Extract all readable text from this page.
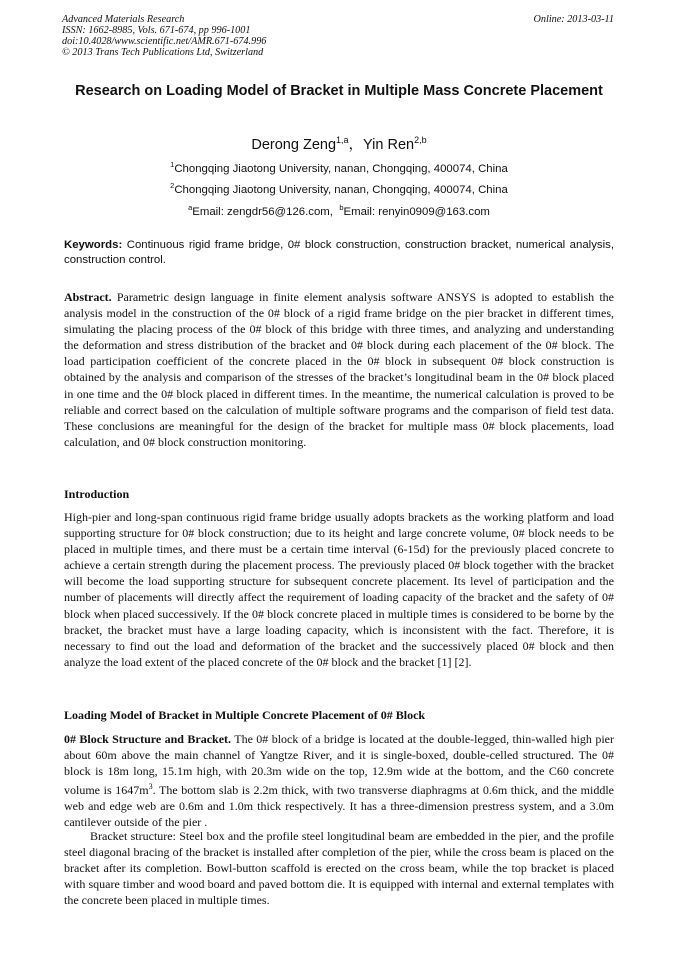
Advanced Materials Research
ISSN: 1662-8985, Vols. 671-674, pp 996-1001
doi:10.4028/www.scientific.net/AMR.671-674.996
© 2013 Trans Tech Publications Ltd, Switzerland
Online: 2013-03-11
Research on Loading Model of Bracket in Multiple Mass Concrete Placement
Derong Zeng$^{1,a}$，Yin Ren$^{2,b}$
$^1$Chongqing Jiaotong University, nanan, Chongqing, 400074, China
$^2$Chongqing Jiaotong University, nanan, Chongqing, 400074, China
$^a$Email: zengdr56@126.com, $^b$Email: renyin0909@163.com
Keywords: Continuous rigid frame bridge, 0# block construction, construction bracket, numerical analysis, construction control.
Abstract. Parametric design language in finite element analysis software ANSYS is adopted to establish the analysis model in the construction of the 0# block of a rigid frame bridge on the pier bracket in different times, simulating the placing process of the 0# block of this bridge with three times, and analyzing and understanding the deformation and stress distribution of the bracket and 0# block during each placement of the 0# block. The load participation coefficient of the concrete placed in the 0# block in subsequent 0# block construction is obtained by the analysis and comparison of the stresses of the bracket’s longitudinal beam in the 0# block placed in one time and the 0# block placed in different times. In the meantime, the numerical calculation is proved to be reliable and correct based on the calculation of multiple software programs and the comparison of field test data. These conclusions are meaningful for the design of the bracket for multiple mass 0# block placements, load calculation, and 0# block construction monitoring.
Introduction
High-pier and long-span continuous rigid frame bridge usually adopts brackets as the working platform and load supporting structure for 0# block construction; due to its height and large concrete volume, 0# block needs to be placed in multiple times, and there must be a certain time interval (6-15d) for the previously placed concrete to achieve a certain strength during the placement process. The previously placed 0# block together with the bracket will become the load supporting structure for subsequent concrete placement. Its level of participation and the number of placements will directly affect the requirement of loading capacity of the bracket and the safety of 0# block when placed successively. If the 0# block concrete placed in multiple times is considered to be borne by the bracket, the bracket must have a large loading capacity, which is inconsistent with the fact. Therefore, it is necessary to find out the load and deformation of the bracket and the successively placed 0# block and then analyze the load extent of the placed concrete of the 0# block and the bracket [1] [2].
Loading Model of Bracket in Multiple Concrete Placement of 0# Block
0# Block Structure and Bracket. The 0# block of a bridge is located at the double-legged, thin-walled high pier about 60m above the main channel of Yangtze River, and it is single-boxed, double-celled structured. The 0# block is 18m long, 15.1m high, with 20.3m wide on the top, 12.9m wide at the bottom, and the C60 concrete volume is $1647m^3$. The bottom slab is 2.2m thick, with two transverse diaphragms at 0.6m thick, and the middle web and edge web are 0.6m and 1.0m thick respectively. It has a three-dimension prestress system, and a 3.0m cantilever outside of the pier .
Bracket structure: Steel box and the profile steel longitudinal beam are embedded in the pier, and the profile steel diagonal bracing of the bracket is installed after completion of the pier, while the cross beam is placed on the bracket after its completion. Bowl-button scaffold is erected on the cross beam, while the top bracket is placed with square timber and wood board and paved bottom die. It is equipped with internal and external templates with the concrete been placed in multiple times.
